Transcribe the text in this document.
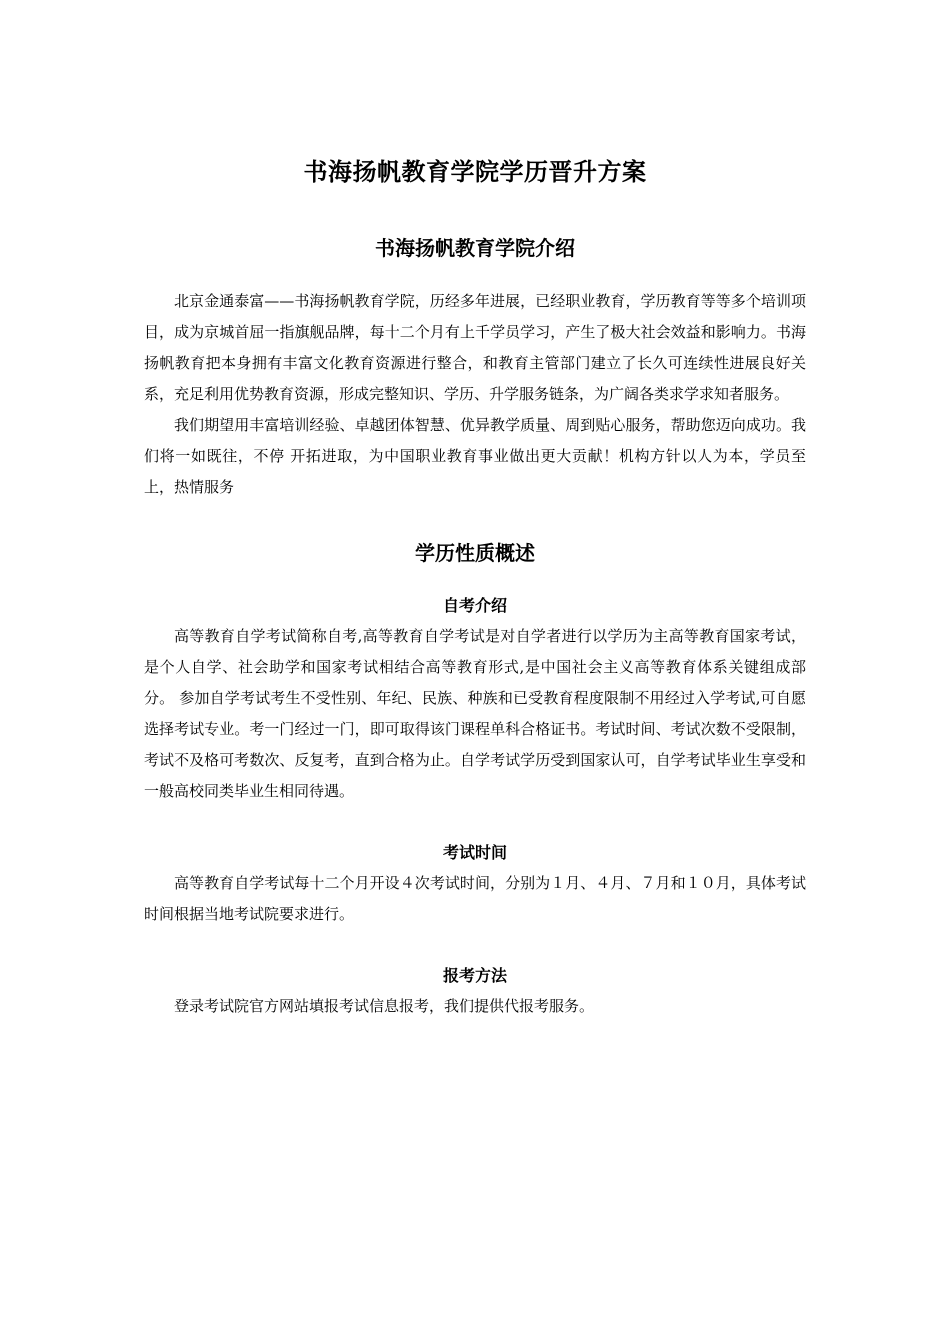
书海扬帆教育学院学历晋升方案
书海扬帆教育学院介绍

北京金通泰富——书海扬帆教育学院，历经多年进展，已经职业教育，学历教育等等多个培训项目，成为京城首屈一指旗舰品牌，每十二个月有上千学员学习，产生了极大社会效益和影响力。书海扬帆教育把本身拥有丰富文化教育资源进行整合，和教育主管部门建立了长久可连续性进展良好关系，充足利用优势教育资源，形成完整知识、学历、升学服务链条，为广阔各类求学求知者服务。

我们期望用丰富培训经验、卓越团体智慧、优异教学质量、周到贴心服务，帮助您迈向成功。我们将一如既往，不停 开拓进取，为中国职业教育事业做出更大贡献！机构方针以人为本，学员至上，热情服务

学历性质概述
自考介绍

高等教育自学考试简称自考,高等教育自学考试是对自学者进行以学历为主高等教育国家考试，是个人自学、社会助学和国家考试相结合高等教育形式,是中国社会主义高等教育体系关键组成部分。 参加自学考试考生不受性别、年纪、民族、种族和已受教育程度限制不用经过入学考试,可自愿选择考试专业。考一门经过一门，即可取得该门课程单科合格证书。考试时间、考试次数不受限制，考试不及格可考数次、反复考，直到合格为止。自学考试学历受到国家认可，自学考试毕业生享受和一般高校同类毕业生相同待遇。

考试时间

高等教育自学考试每十二个月开设４次考试时间，分别为１月、４月、７月和１０月，具体考试时间根据当地考试院要求进行。

报考方法

登录考试院官方网站填报考试信息报考，我们提供代报考服务。
